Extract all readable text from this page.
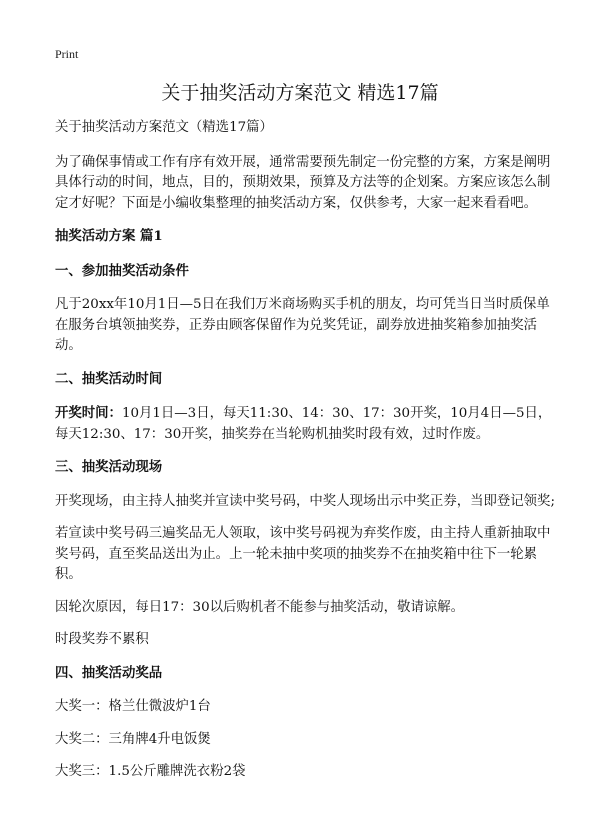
Print
关于抽奖活动方案范文 精选17篇

关于抽奖活动方案范文（精选17篇）

为了确保事情或工作有序有效开展，通常需要预先制定一份完整的方案，方案是阐明具体行动的时间，地点，目的，预期效果，预算及方法等的企划案。方案应该怎么制定才好呢？下面是小编收集整理的抽奖活动方案，仅供参考，大家一起来看看吧。

抽奖活动方案 篇1

一、参加抽奖活动条件

凡于20xx年10月1日—5日在我们万米商场购买手机的朋友，均可凭当日当时质保单在服务台填领抽奖券，正券由顾客保留作为兑奖凭证，副券放进抽奖箱参加抽奖活动。

二、抽奖活动时间

开奖时间：10月1日—3日，每天11:30、14：30、17：30开奖，10月4日—5日，每天12:30、17：30开奖，抽奖券在当轮购机抽奖时段有效，过时作废。

三、抽奖活动现场

开奖现场，由主持人抽奖并宣读中奖号码，中奖人现场出示中奖正券，当即登记领奖;

若宣读中奖号码三遍奖品无人领取，该中奖号码视为弃奖作废，由主持人重新抽取中奖号码，直至奖品送出为止。上一轮未抽中奖项的抽奖券不在抽奖箱中往下一轮累积。

因轮次原因，每日17：30以后购机者不能参与抽奖活动，敬请谅解。

时段奖券不累积

四、抽奖活动奖品

大奖一：格兰仕微波炉1台

大奖二：三角牌4升电饭煲

大奖三：1.5公斤雕牌洗衣粉2袋
